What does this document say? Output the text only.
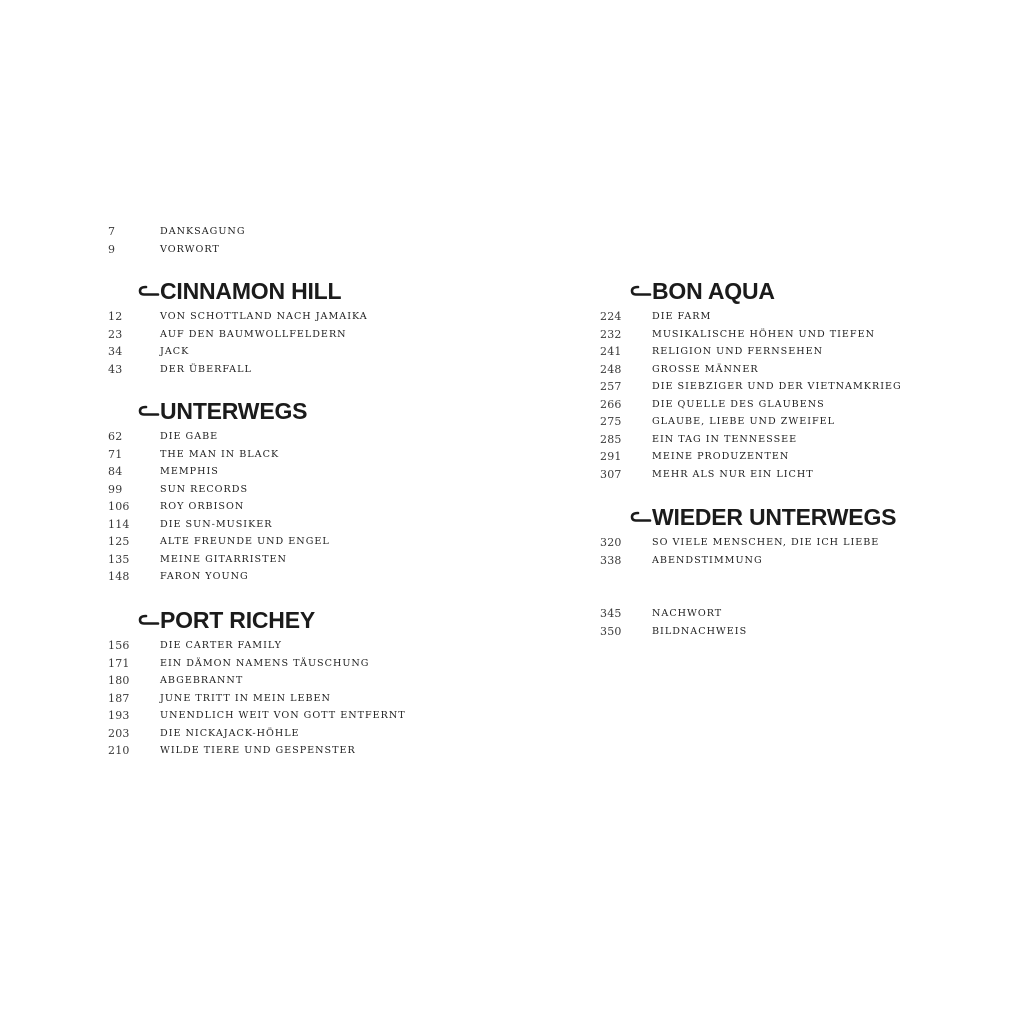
7	DANKSAGUNG
9	VORWORT
CINNAMON HILL
12	VON SCHOTTLAND NACH JAMAIKA
23	AUF DEN BAUMWOLLFELDERN
34	JACK
43	DER ÜBERFALL
UNTERWEGS
62	DIE GABE
71	THE MAN IN BLACK
84	MEMPHIS
99	SUN RECORDS
106	ROY ORBISON
114	DIE SUN-MUSIKER
125	ALTE FREUNDE UND ENGEL
135	MEINE GITARRISTEN
148	FARON YOUNG
PORT RICHEY
156	DIE CARTER FAMILY
171	EIN DÄMON NAMENS TÄUSCHUNG
180	ABGEBRANNT
187	JUNE TRITT IN MEIN LEBEN
193	UNENDLICH WEIT VON GOTT ENTFERNT
203	DIE NICKAJACK-HÖHLE
210	WILDE TIERE UND GESPENSTER
BON AQUA
224	DIE FARM
232	MUSIKALISCHE HÖHEN UND TIEFEN
241	RELIGION UND FERNSEHEN
248	GROSSE MÄNNER
257	DIE SIEBZIGER UND DER VIETNAMKRIEG
266	DIE QUELLE DES GLAUBENS
275	GLAUBE, LIEBE UND ZWEIFEL
285	EIN TAG IN TENNESSEE
291	MEINE PRODUZENTEN
307	MEHR ALS NUR EIN LICHT
WIEDER UNTERWEGS
320	SO VIELE MENSCHEN, DIE ICH LIEBE
338	ABENDSTIMMUNG
345	NACHWORT
350	BILDNACHWEIS
